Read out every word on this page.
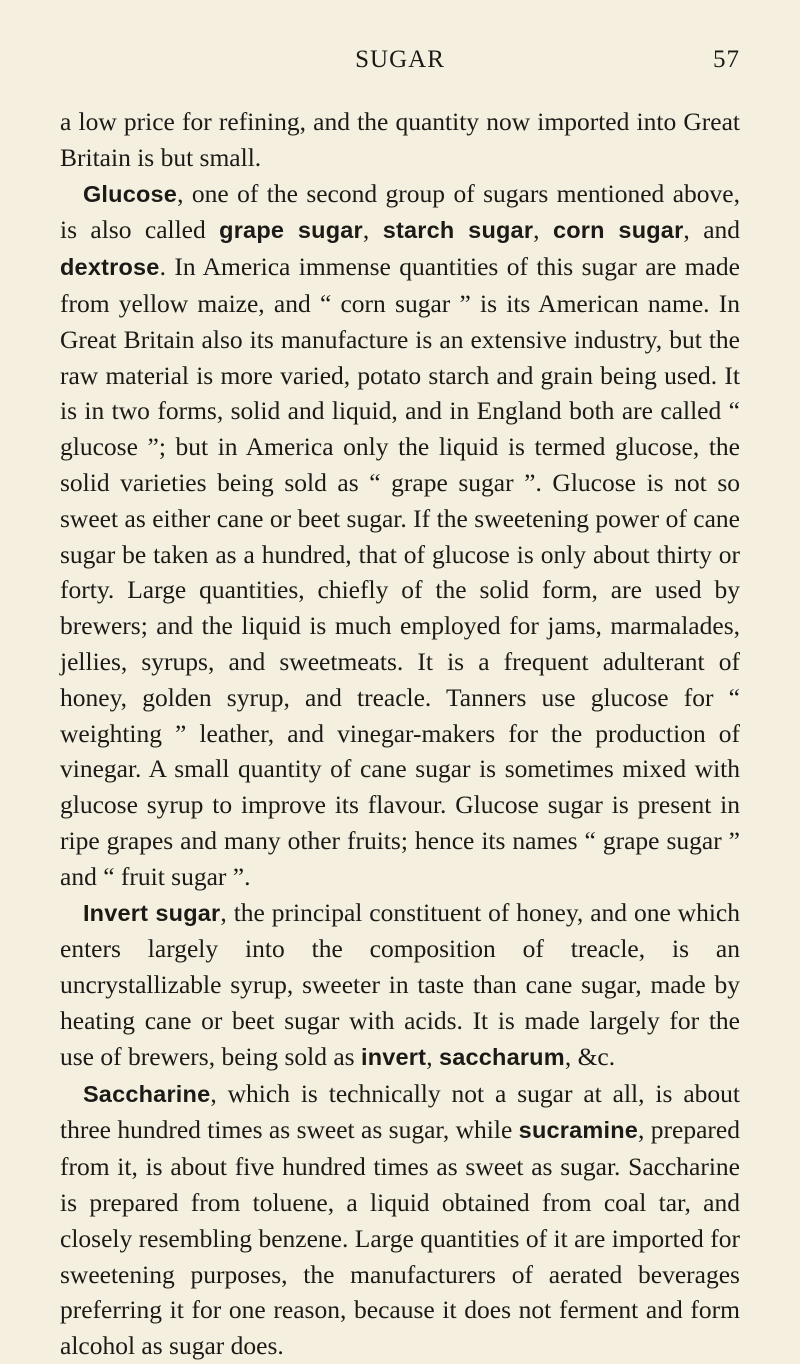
SUGAR	57

a low price for refining, and the quantity now imported into Great Britain is but small.

Glucose, one of the second group of sugars mentioned above, is also called grape sugar, starch sugar, corn sugar, and dextrose. In America immense quantities of this sugar are made from yellow maize, and “ corn sugar ” is its American name. In Great Britain also its manufacture is an extensive industry, but the raw material is more varied, potato starch and grain being used. It is in two forms, solid and liquid, and in England both are called “ glucose ”; but in America only the liquid is termed glucose, the solid varieties being sold as “ grape sugar ”. Glucose is not so sweet as either cane or beet sugar. If the sweetening power of cane sugar be taken as a hundred, that of glucose is only about thirty or forty. Large quantities, chiefly of the solid form, are used by brewers; and the liquid is much employed for jams, marmalades, jellies, syrups, and sweetmeats. It is a frequent adulterant of honey, golden syrup, and treacle. Tanners use glucose for “ weighting ” leather, and vinegar-makers for the production of vinegar. A small quantity of cane sugar is sometimes mixed with glucose syrup to improve its flavour. Glucose sugar is present in ripe grapes and many other fruits; hence its names “ grape sugar ” and “ fruit sugar ”.

Invert sugar, the principal constituent of honey, and one which enters largely into the composition of treacle, is an uncrystallizable syrup, sweeter in taste than cane sugar, made by heating cane or beet sugar with acids. It is made largely for the use of brewers, being sold as invert, saccharum, &c.

Saccharine, which is technically not a sugar at all, is about three hundred times as sweet as sugar, while sucramine, prepared from it, is about five hundred times as sweet as sugar. Saccharine is prepared from toluene, a liquid obtained from coal tar, and closely resembling benzene. Large quantities of it are imported for sweetening purposes, the manufacturers of aerated beverages preferring it for one reason, because it does not ferment and form alcohol as sugar does.
